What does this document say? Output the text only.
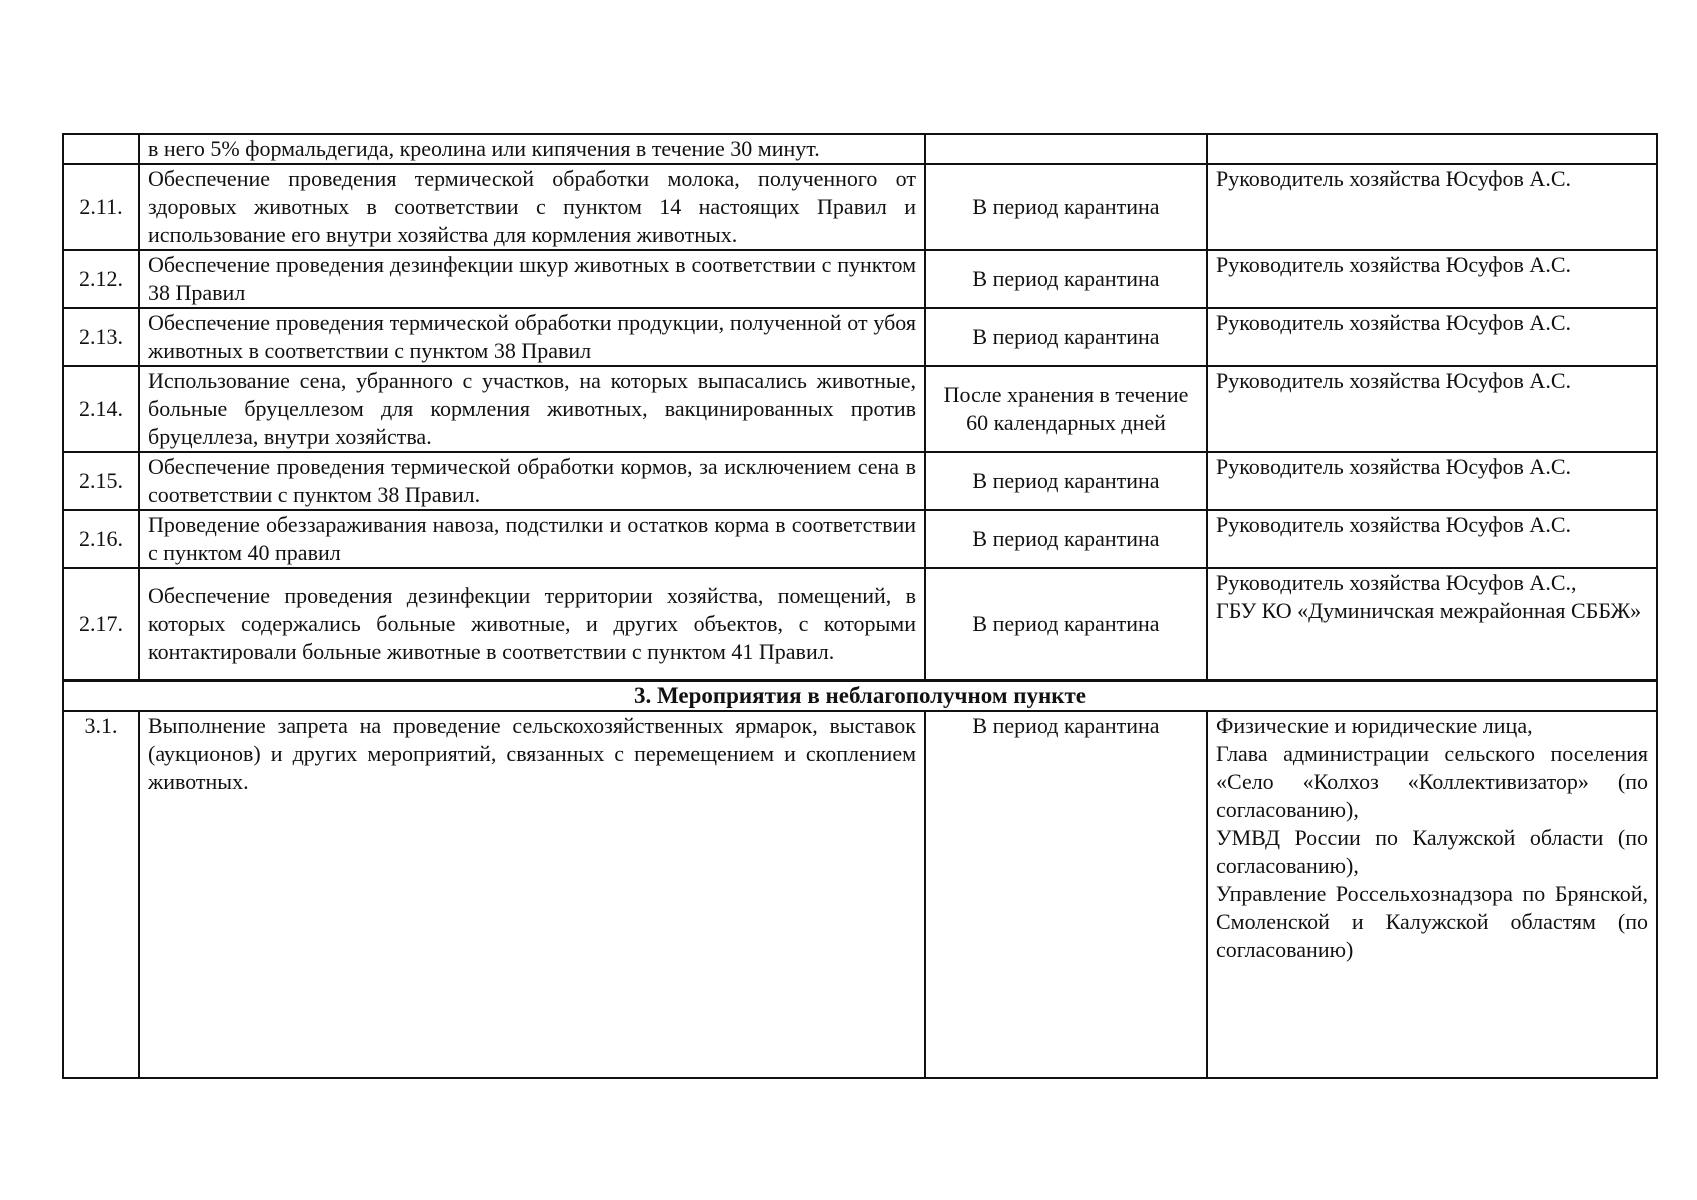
	в него 5% формальдегида, креолина или кипячения в течение 30 минут.		
2.11.	Обеспечение проведения термической обработки молока, полученного от здоровых животных в соответствии с пунктом 14 настоящих Правил и использование его внутри хозяйства для кормления животных.	В период карантина	Руководитель хозяйства Юсуфов А.С.

2.12.	Обеспечение проведения дезинфекции шкур животных в соответствии с пунктом 38 Правил	В период карантина	Руководитель хозяйства Юсуфов А.С.

2.13.	Обеспечение проведения термической обработки продукции, полученной от убоя животных в соответствии с пунктом 38 Правил	В период карантина	Руководитель хозяйства Юсуфов А.С.

2.14.	Использование сена, убранного с участков, на которых выпасались животные, больные бруцеллезом для кормления животных, вакцинированных против бруцеллеза, внутри хозяйства.	После хранения в течение 60 календарных дней	Руководитель хозяйства Юсуфов А.С.

2.15.	Обеспечение проведения термической обработки кормов, за исключением сена в соответствии с пунктом 38 Правил.	В период карантина	Руководитель хозяйства Юсуфов А.С.

2.16.	Проведение обеззараживания навоза, подстилки и остатков корма в соответствии с пунктом 40 правил	В период карантина	Руководитель хозяйства Юсуфов А.С.

2.17.	Обеспечение проведения дезинфекции территории хозяйства, помещений, в которых содержались больные животные, и других объектов, с которыми контактировали больные животные в соответствии с пунктом 41 Правил.	В период карантина	Руководитель хозяйства Юсуфов А.С.,
ГБУ КО «Думиничская межрайонная СББЖ»

3. Мероприятия в неблагополучном пункте			
3.1.	Выполнение запрета на проведение сельскохозяйственных ярмарок, выставок (аукционов) и других мероприятий, связанных с перемещением и скоплением животных.	В период карантина	Физические и юридические лица,
Глава администрации сельского поселения «Село «Колхоз «Коллективизатор» (по согласованию),
УМВД России по Калужской области (по согласованию),
Управление Россельхознадзора по Брянской, Смоленской и Калужской областям (по согласованию)
